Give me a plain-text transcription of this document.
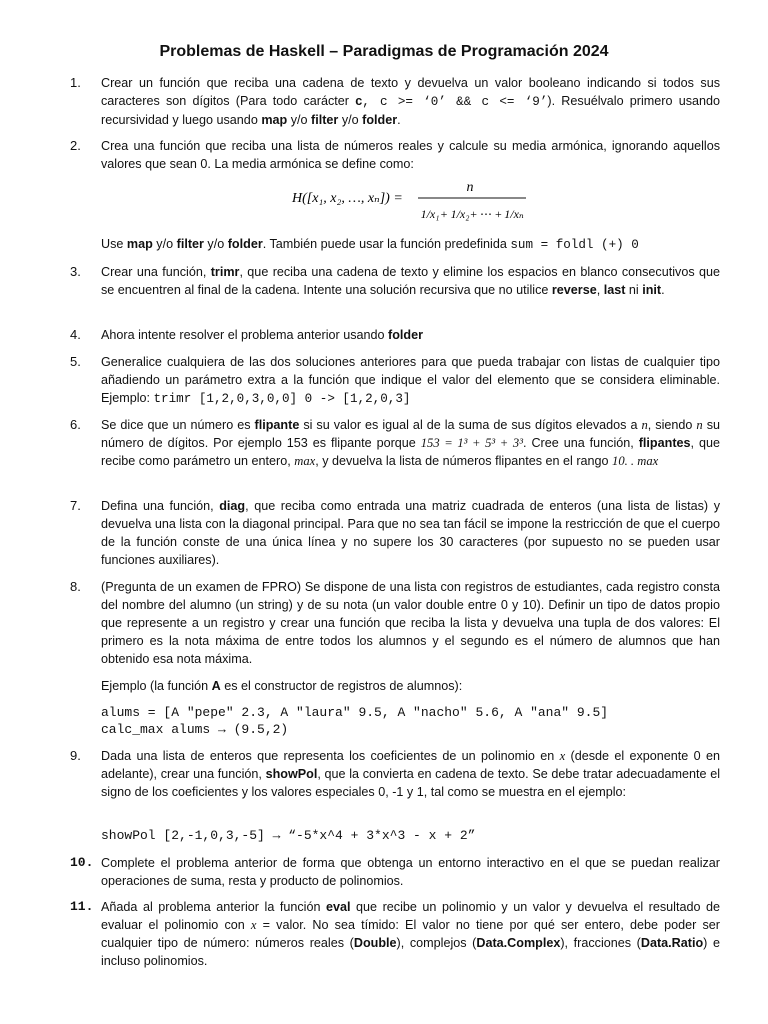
Problemas de Haskell – Paradigmas de Programación 2024
1.	Crear un función que reciba una cadena de texto y devuelva un valor booleano indicando si todos sus caracteres son dígitos (Para todo carácter c, c >= ‘0’ && c <= ‘9’). Resuélvalo primero usando recursividad y luego usando map y/o filter y/o folder.
2.	Crea una función que reciba una lista de números reales y calcule su media armónica, ignorando aquellos valores que sean 0. La media armónica se define como:
H([x₁, x₂, …, xₙ]) =
n
1/x₁ + 1/x₂ + ⋯ + 1/xₙ
Use map y/o filter y/o folder. También puede usar la función predefinida sum = foldl (+) 0
3.	Crear una función, trimr, que reciba una cadena de texto y elimine los espacios en blanco consecutivos que se encuentren al final de la cadena. Intente una solución recursiva que no utilice reverse, last ni init.
4.	Ahora intente resolver el problema anterior usando folder
5.	Generalice cualquiera de las dos soluciones anteriores para que pueda trabajar con listas de cualquier tipo añadiendo un parámetro extra a la función que indique el valor del elemento que se considera eliminable. Ejemplo: trimr [1,2,0,3,0,0] 0 -> [1,2,0,3]
6.	Se dice que un número es flipante si su valor es igual al de la suma de sus dígitos elevados a n, siendo n su número de dígitos. Por ejemplo 153 es flipante porque 153 = 1³ + 5³ + 3³. Cree una función, flipantes, que recibe como parámetro un entero, max, y devuelva la lista de números flipantes en el rango 10. . max
7.	Defina una función, diag, que reciba como entrada una matriz cuadrada de enteros (una lista de listas) y devuelva una lista con la diagonal principal. Para que no sea tan fácil se impone la restricción de que el cuerpo de la función conste de una única línea y no supere los 30 caracteres (por supuesto no se pueden usar funciones auxiliares).
8.	(Pregunta de un examen de FPRO) Se dispone de una lista con registros de estudiantes, cada registro consta del nombre del alumno (un string) y de su nota (un valor double entre 0 y 10). Definir un tipo de datos propio que represente a un registro y crear una función que reciba la lista y devuelva una tupla de dos valores: El primero es la nota máxima de entre todos los alumnos y el segundo es el número de alumnos que han obtenido esa nota máxima.
Ejemplo (la función A es el constructor de registros de alumnos):
alums = [A "pepe" 2.3, A "laura" 9.5, A "nacho" 5.6, A "ana" 9.5]
calc_max alums → (9.5,2)
9.	Dada una lista de enteros que representa los coeficientes de un polinomio en x (desde el exponente 0 en adelante), crear una función, showPol, que la convierta en cadena de texto. Se debe tratar adecuadamente el signo de los coeficientes y los valores especiales 0, -1 y 1, tal como se muestra en el ejemplo:
showPol [2,-1,0,3,-5] → “-5*x^4 + 3*x^3 - x + 2”
10. Complete el problema anterior de forma que obtenga un entorno interactivo en el que se puedan realizar operaciones de suma, resta y producto de polinomios.
11. Añada al problema anterior la función eval que recibe un polinomio y un valor y devuelva el resultado de evaluar el polinomio con x = valor. No sea tímido: El valor no tiene por qué ser entero, debe poder ser cualquier tipo de número: números reales (Double), complejos (Data.Complex), fracciones (Data.Ratio) e incluso polinomios.
